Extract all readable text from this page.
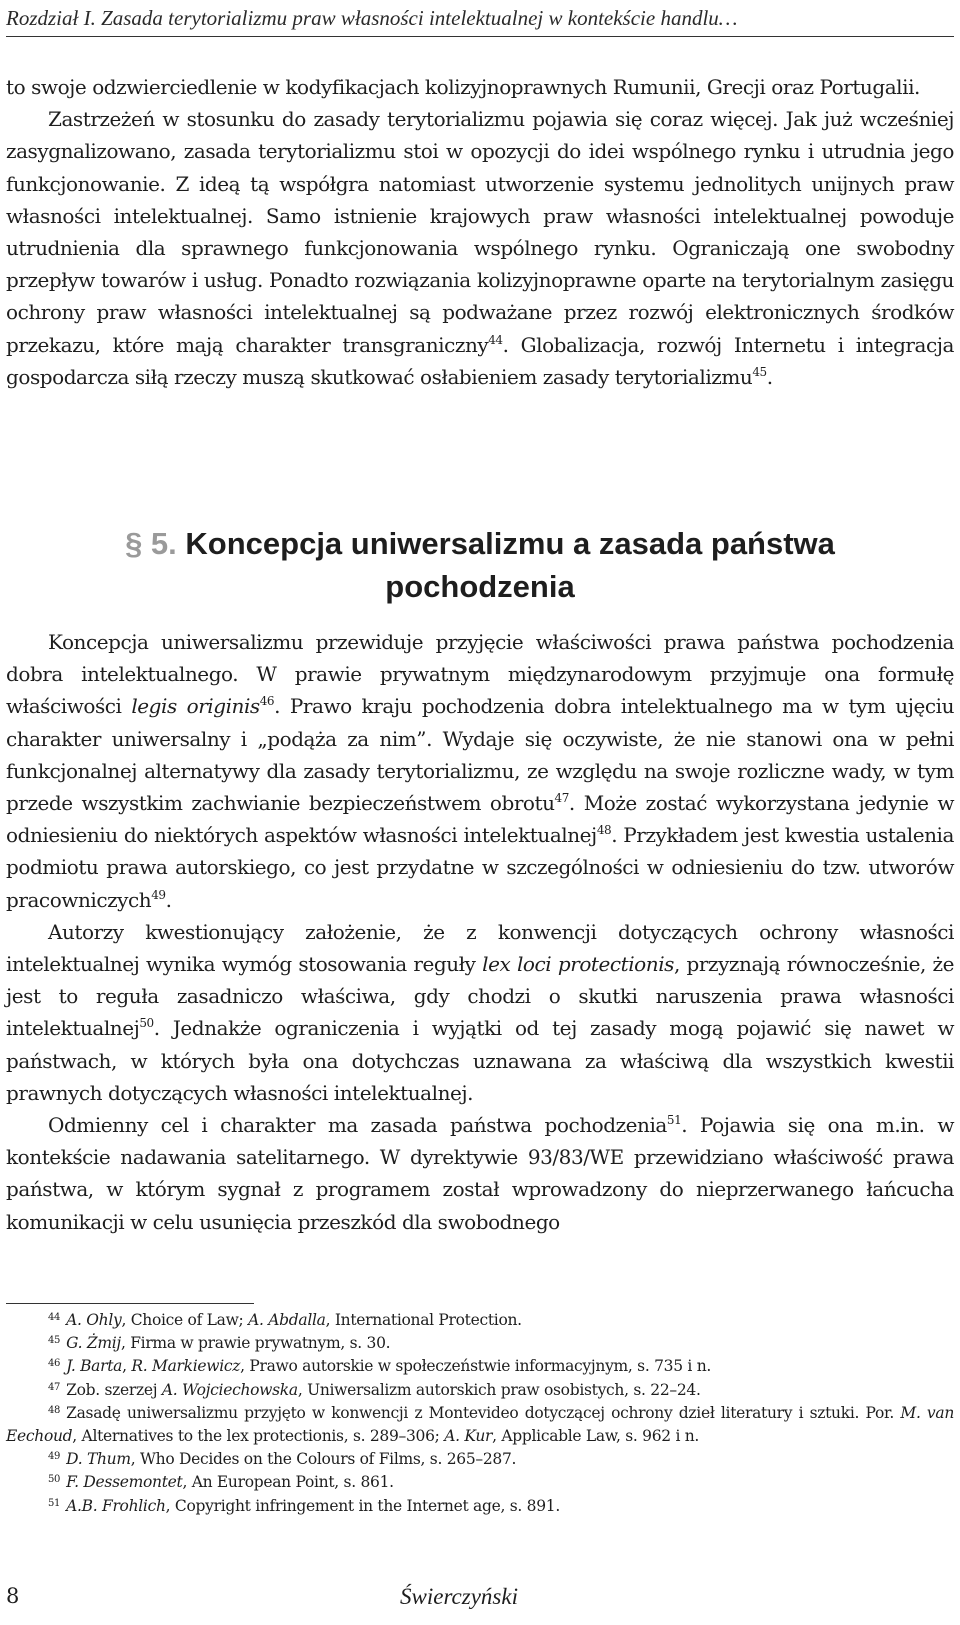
Rozdział I. Zasada terytorializmu praw własności intelektualnej w kontekście handlu…

to swoje odzwierciedlenie w kodyfikacjach kolizyjnoprawnych Rumunii, Grecji oraz Portugalii.

Zastrzeżeń w stosunku do zasady terytorializmu pojawia się coraz więcej. Jak już wcześniej zasygnalizowano, zasada terytorializmu stoi w opozycji do idei wspólnego rynku i utrudnia jego funkcjonowanie. Z ideą tą współgra natomiast utworzenie systemu jednolitych unijnych praw własności intelektualnej. Samo istnienie krajowych praw własności intelektualnej powoduje utrudnienia dla sprawnego funkcjonowania wspólnego rynku. Ograniczają one swobodny przepływ towarów i usług. Ponadto rozwiązania kolizyjnoprawne oparte na terytorialnym zasięgu ochrony praw własności intelektualnej są podważane przez rozwój elektronicznych środków przekazu, które mają charakter transgraniczny$^{44}$. Globalizacja, rozwój Internetu i integracja gospodarcza siłą rzeczy muszą skutkować osłabieniem zasady terytorializmu$^{45}$.

§ 5. Koncepcja uniwersalizmu a zasada państwa
pochodzenia

Koncepcja uniwersalizmu przewiduje przyjęcie właściwości prawa państwa pochodzenia dobra intelektualnego. W prawie prywatnym międzynarodowym przyjmuje ona formułę właściwości legis originis$^{46}$. Prawo kraju pochodzenia dobra intelektualnego ma w tym ujęciu charakter uniwersalny i „podąża za nim”. Wydaje się oczywiste, że nie stanowi ona w pełni funkcjonalnej alternatywy dla zasady terytorializmu, ze względu na swoje rozliczne wady, w tym przede wszystkim zachwianie bezpieczeństwem obrotu$^{47}$. Może zostać wykorzystana jedynie w odniesieniu do niektórych aspektów własności intelektualnej$^{48}$. Przykładem jest kwestia ustalenia podmiotu prawa autorskiego, co jest przydatne w szczególności w odniesieniu do tzw. utworów pracowniczych$^{49}$.

Autorzy kwestionujący założenie, że z konwencji dotyczących ochrony własności intelektualnej wynika wymóg stosowania reguły lex loci protectionis, przyznają równocześnie, że jest to reguła zasadniczo właściwa, gdy chodzi o skutki naruszenia prawa własności intelektualnej$^{50}$. Jednakże ograniczenia i wyjątki od tej zasady mogą pojawić się nawet w państwach, w których była ona dotychczas uznawana za właściwą dla wszystkich kwestii prawnych dotyczących własności intelektualnej.

Odmienny cel i charakter ma zasada państwa pochodzenia$^{51}$. Pojawia się ona m.in. w kontekście nadawania satelitarnego. W dyrektywie 93/83/WE przewidziano właściwość prawa państwa, w którym sygnał z programem został wprowadzony do nieprzerwanego łańcucha komunikacji w celu usunięcia przeszkód dla swobodnego

$^{44}$ A. Ohly, Choice of Law; A. Abdalla, International Protection.

$^{45}$ G. Żmij, Firma w prawie prywatnym, s. 30.

$^{46}$ J. Barta, R. Markiewicz, Prawo autorskie w społeczeństwie informacyjnym, s. 735 i n.

$^{47}$ Zob. szerzej A. Wojciechowska, Uniwersalizm autorskich praw osobistych, s. 22–24.

$^{48}$ Zasadę uniwersalizmu przyjęto w konwencji z Montevideo dotyczącej ochrony dzieł literatury i sztuki. Por. M. van Eechoud, Alternatives to the lex protectionis, s. 289–306; A. Kur, Applicable Law, s. 962 i n.

$^{49}$ D. Thum, Who Decides on the Colours of Films, s. 265–287.

$^{50}$ F. Dessemontet, An European Point, s. 861.

$^{51}$ A.B. Frohlich, Copyright infringement in the Internet age, s. 891.

8	Świerczyński
